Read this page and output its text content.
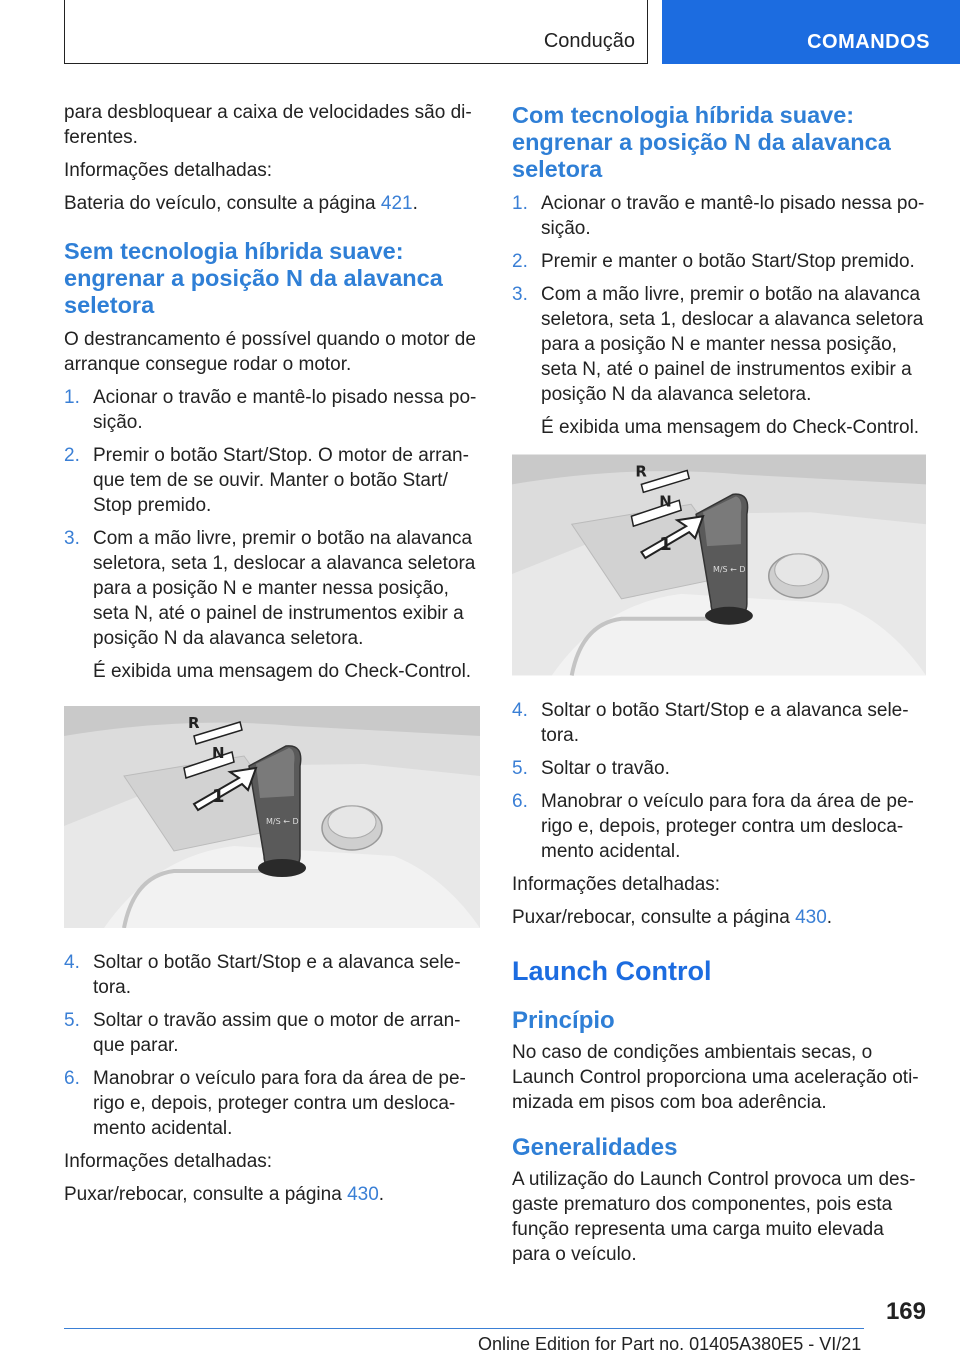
Condução	COMANDOS

para desbloquear a caixa de velocidades são di‐ ferentes.

Informações detalhadas:

Bateria do veículo, consulte a página 421.

Sem tecnologia híbrida suave: engrenar a posição N da alavanca seletora

O destrancamento é possível quando o motor de arranque consegue rodar o motor.

1. Acionar o travão e mantê-lo pisado nessa po‐ sição.
2. Premir o botão Start/Stop. O motor de arran‐ que tem de se ouvir. Manter o botão Start/ Stop premido.
3. Com a mão livre, premir o botão na alavanca seletora, seta 1, deslocar a alavanca seletora para a posição N e manter nessa posição, seta N, até o painel de instrumentos exibir a posição N da alavanca seletora.
É exibida uma mensagem do Check-Control.
M/S ← D
R
N
1
4. Soltar o botão Start/Stop e a alavanca sele‐ tora.
5. Soltar o travão assim que o motor de arran‐ que parar.
6. Manobrar o veículo para fora da área de pe‐ rigo e, depois, proteger contra um desloca‐ mento acidental.

Informações detalhadas:

Puxar/rebocar, consulte a página 430.

Com tecnologia híbrida suave: engrenar a posição N da alavanca seletora
1. Acionar o travão e mantê-lo pisado nessa po‐ sição.
2. Premir e manter o botão Start/Stop premido.
3. Com a mão livre, premir o botão na alavanca seletora, seta 1, deslocar a alavanca seletora para a posição N e manter nessa posição, seta N, até o painel de instrumentos exibir a posição N da alavanca seletora.
É exibida uma mensagem do Check-Control.
M/S ← D
R
N
1
4. Soltar o botão Start/Stop e a alavanca sele‐ tora.
5. Soltar o travão.
6. Manobrar o veículo para fora da área de pe‐ rigo e, depois, proteger contra um desloca‐ mento acidental.

Informações detalhadas:

Puxar/rebocar, consulte a página 430.

Launch Control
Princípio

No caso de condições ambientais secas, o Launch Control proporciona uma aceleração oti‐ mizada em pisos com boa aderência.

Generalidades

A utilização do Launch Control provoca um des‐ gaste prematuro dos componentes, pois esta função representa uma carga muito elevada para o veículo.

169
Online Edition for Part no. 01405A380E5 - VI/21
